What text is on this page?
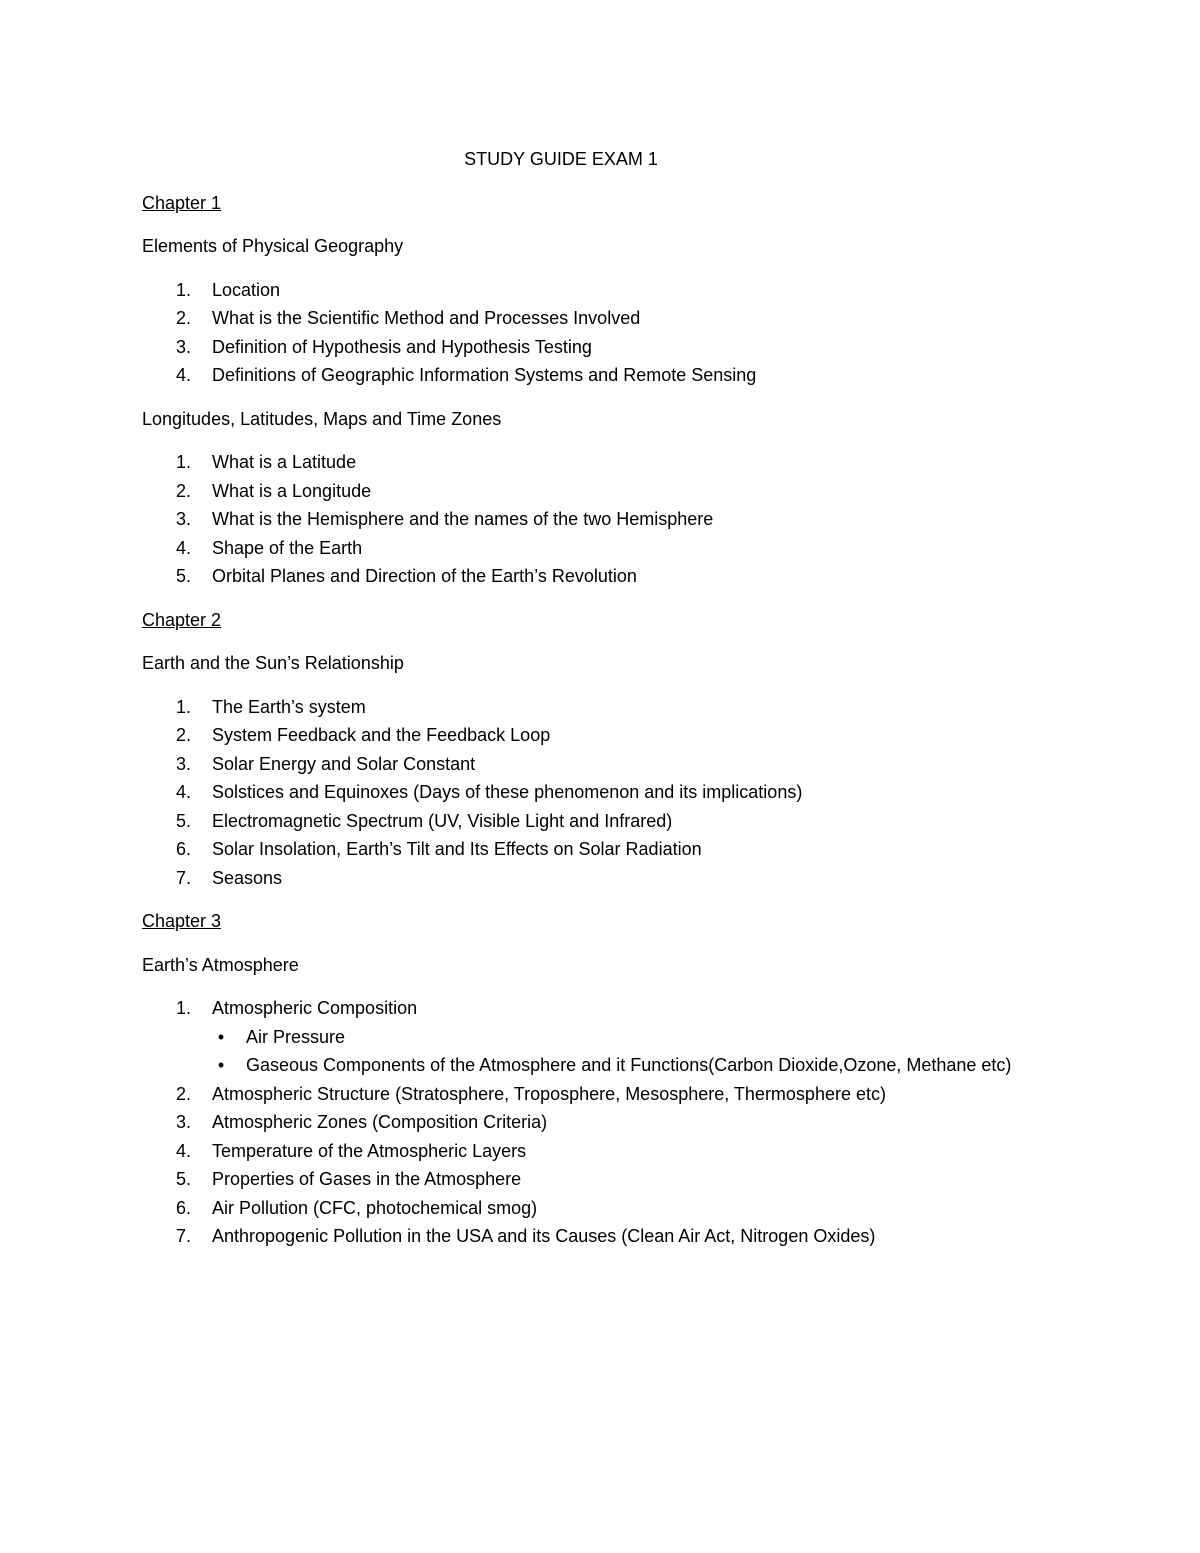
STUDY GUIDE EXAM 1
Chapter 1
Elements of Physical Geography
1.	Location
2.	What is the Scientific Method and Processes Involved
3.	Definition of Hypothesis and Hypothesis Testing
4.	Definitions of Geographic Information Systems and Remote Sensing
Longitudes, Latitudes, Maps and Time Zones
1.	What is a Latitude
2.	What is a Longitude
3.	What is the Hemisphere and the names of the two Hemisphere
4.	Shape of the Earth
5.	Orbital Planes and Direction of the Earth’s Revolution
Chapter 2
Earth and the Sun’s Relationship
1.	The Earth’s system
2.	System Feedback and the Feedback Loop
3.	Solar Energy and Solar Constant
4.	Solstices and Equinoxes (Days of these phenomenon and its implications)
5.	Electromagnetic Spectrum (UV, Visible Light and Infrared)
6.	Solar Insolation, Earth’s Tilt and Its Effects on Solar Radiation
7.	Seasons
Chapter 3
Earth’s Atmosphere
1.	Atmospheric Composition
• Air Pressure
• Gaseous Components of the Atmosphere and it Functions(Carbon Dioxide,Ozone, Methane etc)
2.	Atmospheric Structure (Stratosphere, Troposphere, Mesosphere, Thermosphere etc)
3.	Atmospheric Zones (Composition Criteria)
4.	Temperature of the Atmospheric Layers
5.	Properties of Gases in the Atmosphere
6.	Air Pollution (CFC, photochemical smog)
7.	Anthropogenic Pollution in the USA and its Causes (Clean Air Act, Nitrogen Oxides)
